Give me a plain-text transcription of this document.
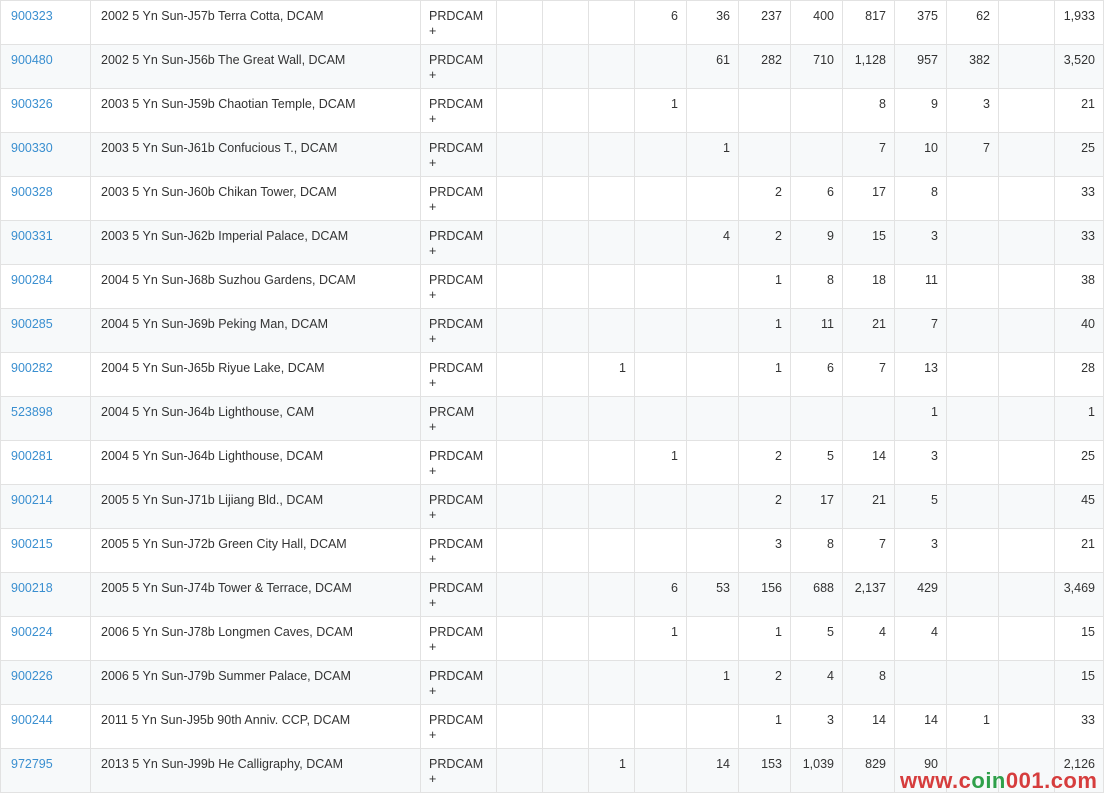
900323	2002 5 Yn Sun-J57b Terra Cotta, DCAM	PRDCAM
+				6	36	237	400	817	375	62		1,933

900480	2002 5 Yn Sun-J56b The Great Wall, DCAM	PRDCAM
+					61	282	710	1,128	957	382		3,520

900326	2003 5 Yn Sun-J59b Chaotian Temple, DCAM	PRDCAM
+				1				8	9	3		21

900330	2003 5 Yn Sun-J61b Confucious T., DCAM	PRDCAM
+					1			7	10	7		25

900328	2003 5 Yn Sun-J60b Chikan Tower, DCAM	PRDCAM
+						2	6	17	8			33

900331	2003 5 Yn Sun-J62b Imperial Palace, DCAM	PRDCAM
+					4	2	9	15	3			33

900284	2004 5 Yn Sun-J68b Suzhou Gardens, DCAM	PRDCAM
+						1	8	18	11			38

900285	2004 5 Yn Sun-J69b Peking Man, DCAM	PRDCAM
+						1	11	21	7			40

900282	2004 5 Yn Sun-J65b Riyue Lake, DCAM	PRDCAM
+			1			1	6	7	13			28

523898	2004 5 Yn Sun-J64b Lighthouse, CAM	PRCAM
+									1			1

900281	2004 5 Yn Sun-J64b Lighthouse, DCAM	PRDCAM
+				1		2	5	14	3			25

900214	2005 5 Yn Sun-J71b Lijiang Bld., DCAM	PRDCAM
+						2	17	21	5			45

900215	2005 5 Yn Sun-J72b Green City Hall, DCAM	PRDCAM
+						3	8	7	3			21

900218	2005 5 Yn Sun-J74b Tower & Terrace, DCAM	PRDCAM
+				6	53	156	688	2,137	429			3,469

900224	2006 5 Yn Sun-J78b Longmen Caves, DCAM	PRDCAM
+				1		1	5	4	4			15

900226	2006 5 Yn Sun-J79b Summer Palace, DCAM	PRDCAM
+					1	2	4	8				15

900244	2011 5 Yn Sun-J95b 90th Anniv. CCP, DCAM	PRDCAM
+						1	3	14	14	1		33

972795	2013 5 Yn Sun-J99b He Calligraphy, DCAM	PRDCAM
+			1		14	153	1,039	829	90			2,126
www.coin001.com
